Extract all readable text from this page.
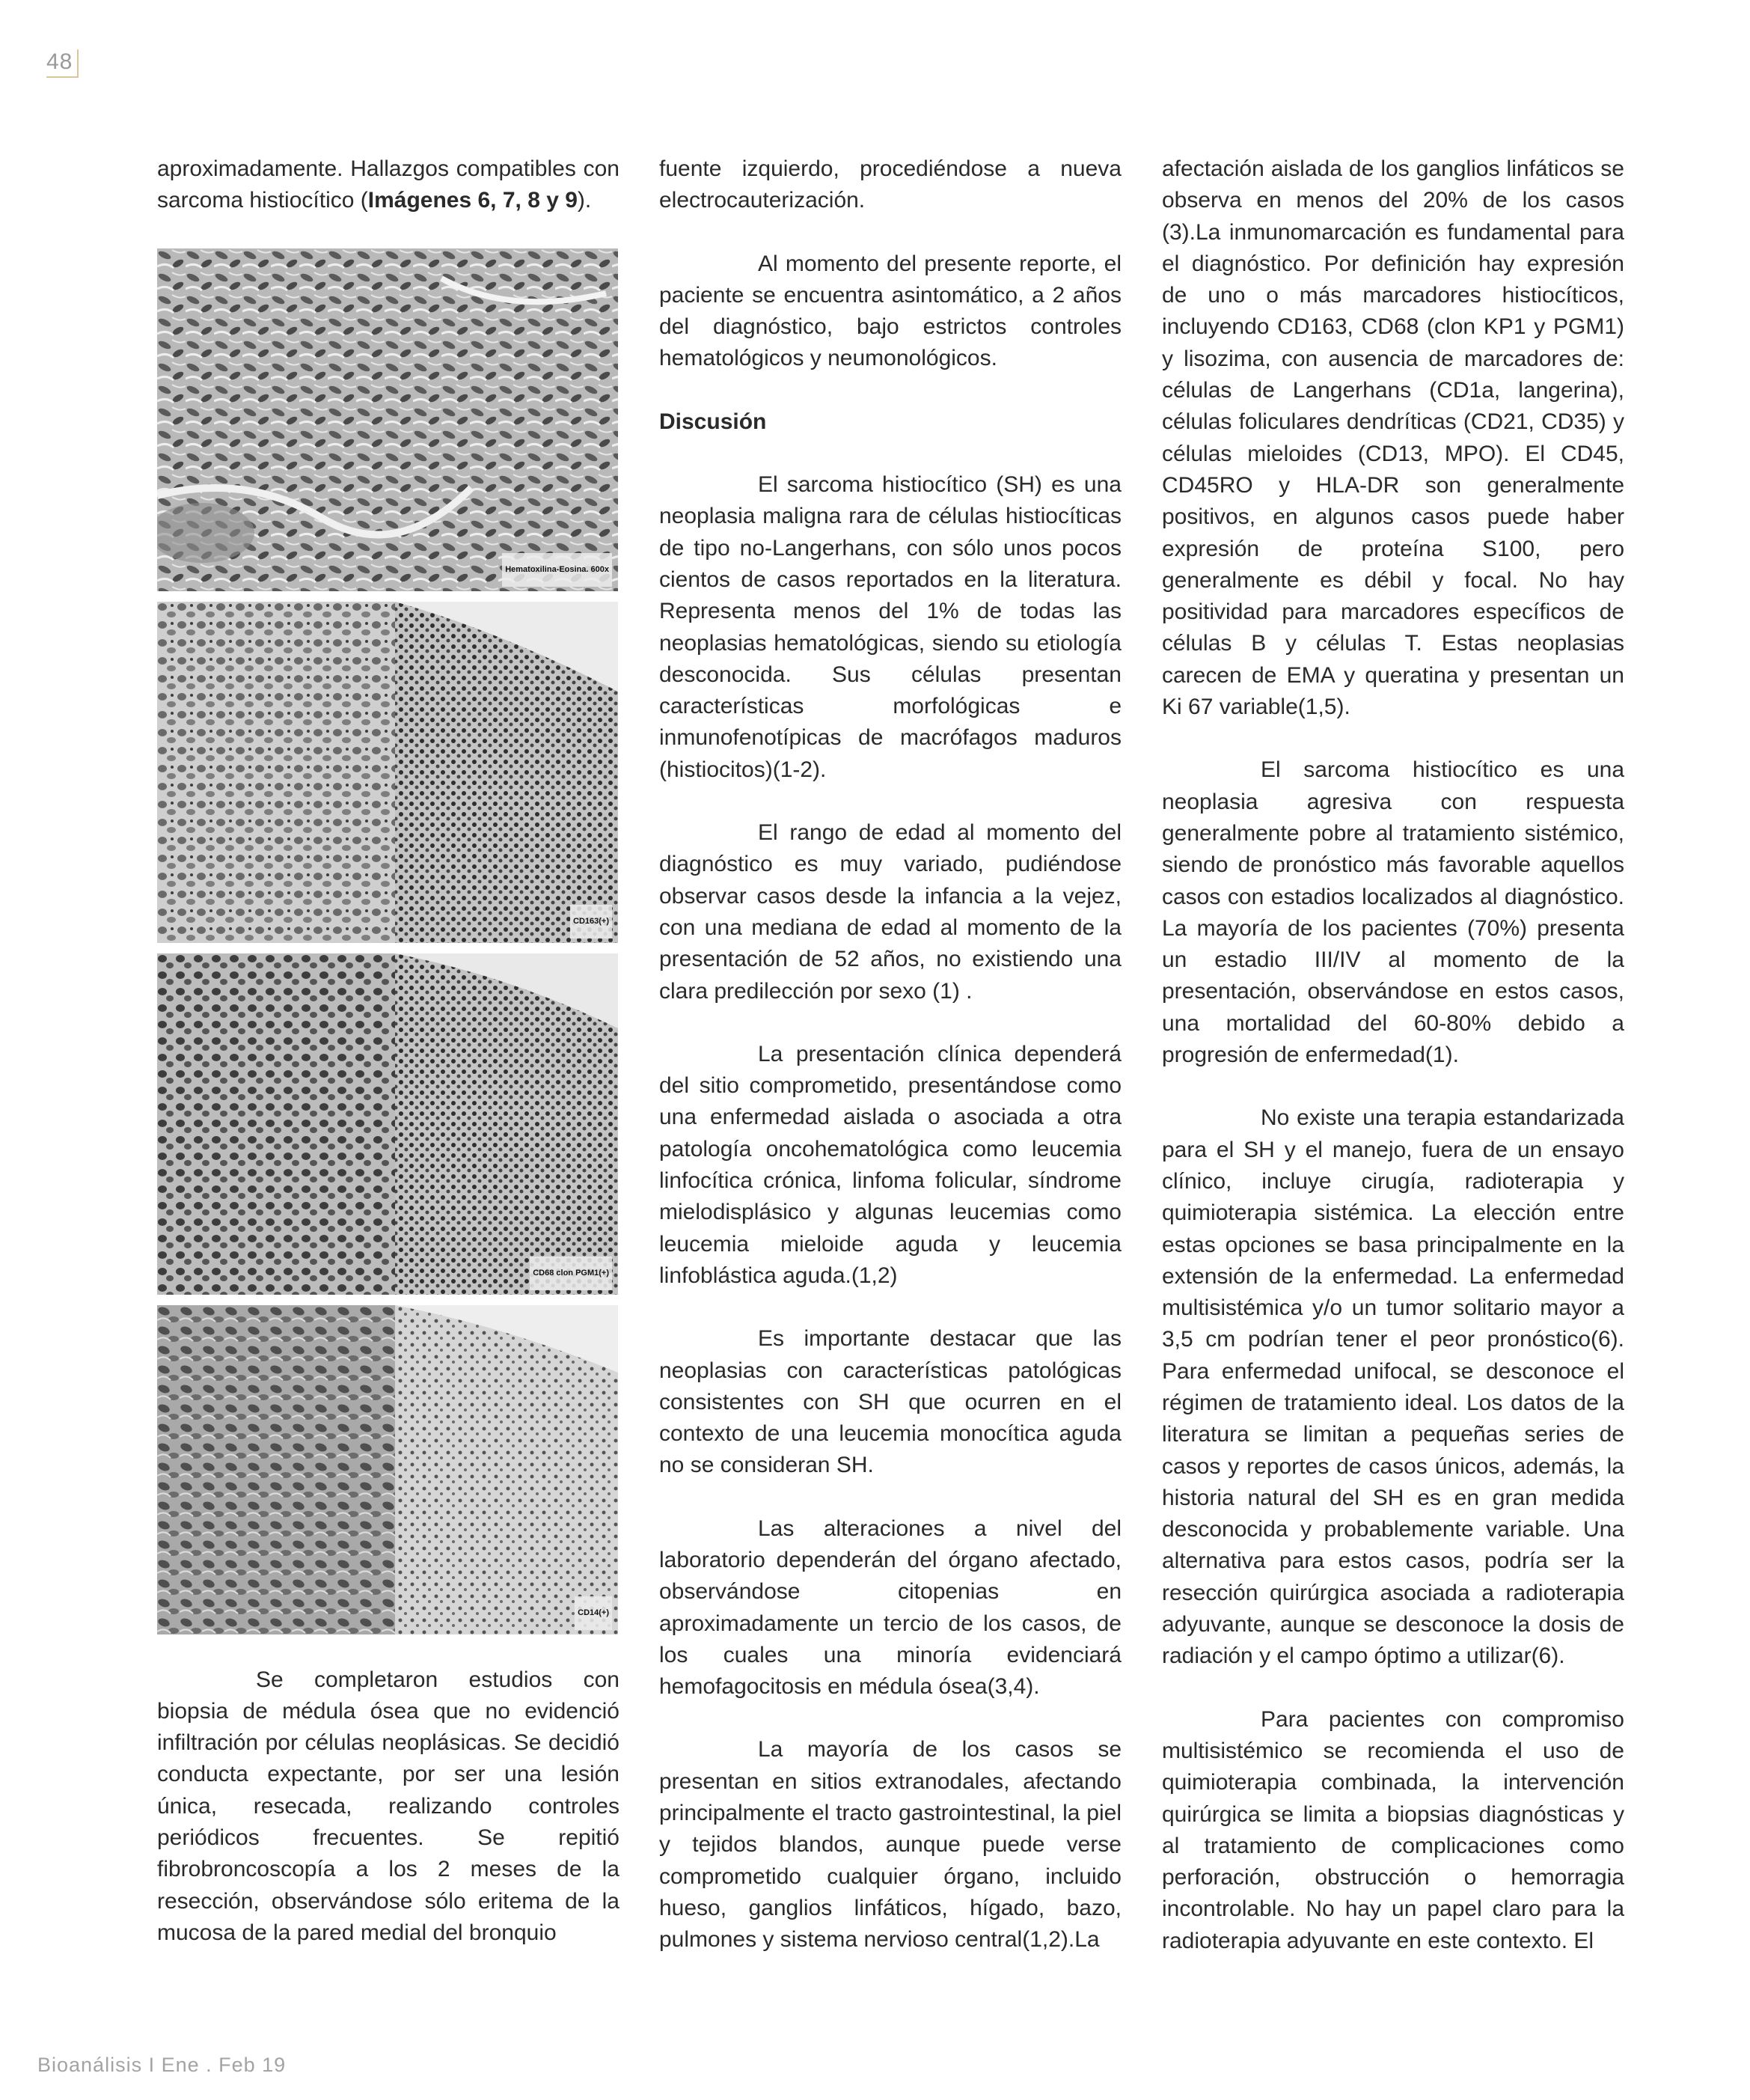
48

aproximadamente. Hallazgos compatibles con sarcoma histiocítico (Imágenes 6, 7, 8 y 9).

Hematoxilina-Eosina. 600x
CD163(+)
CD68 clon PGM1(+)
CD14(+)

Se completaron estudios con biopsia de médula ósea que no evidenció infiltración por células neoplásicas. Se decidió conducta expectante, por ser una lesión única, resecada, realizando controles periódicos frecuentes. Se repitió fibrobroncoscopía a los 2 meses de la resección, observándose sólo eritema de la mucosa de la pared medial del bronquio

fuente izquierdo, procediéndose a nueva electrocauterización.

Al momento del presente reporte, el paciente se encuentra asintomático, a 2 años del diagnóstico, bajo estrictos controles hematológicos y neumonológicos.

Discusión

El sarcoma histiocítico (SH) es una neoplasia maligna rara de células histiocíticas de tipo no-Langerhans, con sólo unos pocos cientos de casos reportados en la literatura. Representa menos del 1% de todas las neoplasias hematológicas, siendo su etiología desconocida. Sus células presentan características morfológicas e inmunofenotípicas de macrófagos maduros (histiocitos)(1-2).

El rango de edad al momento del diagnóstico es muy variado, pudiéndose observar casos desde la infancia a la vejez, con una mediana de edad al momento de la presentación de 52 años, no existiendo una clara predilección por sexo (1) .

La presentación clínica dependerá del sitio comprometido, presentándose como una enfermedad aislada o asociada a otra patología oncohematológica como leucemia linfocítica crónica, linfoma folicular, síndrome mielodisplásico y algunas leucemias como leucemia mieloide aguda y leucemia linfoblástica aguda.(1,2)

Es importante destacar que las neoplasias con características patológicas consistentes con SH que ocurren en el contexto de una leucemia monocítica aguda no se consideran SH.

Las alteraciones a nivel del laboratorio dependerán del órgano afectado, observándose citopenias en aproximadamente un tercio de los casos, de los cuales una minoría evidenciará hemofagocitosis en médula ósea(3,4).

La mayoría de los casos se presentan en sitios extranodales, afectando principalmente el tracto gastrointestinal, la piel y tejidos blandos, aunque puede verse comprometido cualquier órgano, incluido hueso, ganglios linfáticos, hígado, bazo, pulmones y sistema nervioso central(1,2).La

afectación aislada de los ganglios linfáticos se observa en menos del 20% de los casos (3).La inmunomarcación es fundamental para el diagnóstico. Por definición hay expresión de uno o más marcadores histiocíticos, incluyendo CD163, CD68 (clon KP1 y PGM1) y lisozima, con ausencia de marcadores de: células de Langerhans (CD1a, langerina), células foliculares dendríticas (CD21, CD35) y células mieloides (CD13, MPO). El CD45, CD45RO y HLA-DR son generalmente positivos, en algunos casos puede haber expresión de proteína S100, pero generalmente es débil y focal. No hay positividad para marcadores específicos de células B y células T. Estas neoplasias carecen de EMA y queratina y presentan un Ki 67 variable(1,5).

El sarcoma histiocítico es una neoplasia agresiva con respuesta generalmente pobre al tratamiento sistémico, siendo de pronóstico más favorable aquellos casos con estadios localizados al diagnóstico. La mayoría de los pacientes (70%) presenta un estadio III/IV al momento de la presentación, observándose en estos casos, una mortalidad del 60-80% debido a progresión de enfermedad(1).

No existe una terapia estandarizada para el SH y el manejo, fuera de un ensayo clínico, incluye cirugía, radioterapia y quimioterapia sistémica. La elección entre estas opciones se basa principalmente en la extensión de la enfermedad. La enfermedad multisistémica y/o un tumor solitario mayor a 3,5 cm podrían tener el peor pronóstico(6). Para enfermedad unifocal, se desconoce el régimen de tratamiento ideal. Los datos de la literatura se limitan a pequeñas series de casos y reportes de casos únicos, además, la historia natural del SH es en gran medida desconocida y probablemente variable. Una alternativa para estos casos, podría ser la resección quirúrgica asociada a radioterapia adyuvante, aunque se desconoce la dosis de radiación y el campo óptimo a utilizar(6).

Para pacientes con compromiso multisistémico se recomienda el uso de quimioterapia combinada, la intervención quirúrgica se limita a biopsias diagnósticas y al tratamiento de complicaciones como perforación, obstrucción o hemorragia incontrolable. No hay un papel claro para la radioterapia adyuvante en este contexto. El

Bioanálisis I Ene . Feb 19
